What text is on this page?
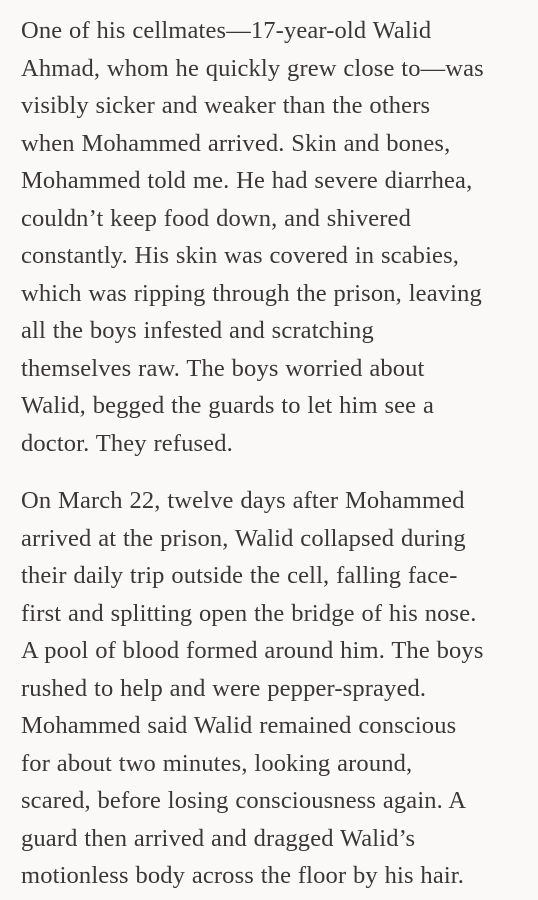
One of his cellmates—17-year-old Walid
Ahmad, whom he quickly grew close to—was
visibly sicker and weaker than the others
when Mohammed arrived. Skin and bones,
Mohammed told me. He had severe diarrhea,
couldn’t keep food down, and shivered
constantly. His skin was covered in scabies,
which was ripping through the prison, leaving
all the boys infested and scratching
themselves raw. The boys worried about
Walid, begged the guards to let him see a
doctor. They refused.
On March 22, twelve days after Mohammed
arrived at the prison, Walid collapsed during
their daily trip outside the cell, falling face-
first and splitting open the bridge of his nose.
A pool of blood formed around him. The boys
rushed to help and were pepper-sprayed.
Mohammed said Walid remained conscious
for about two minutes, looking around,
scared, before losing consciousness again. A
guard then arrived and dragged Walid’s
motionless body across the floor by his hair.
